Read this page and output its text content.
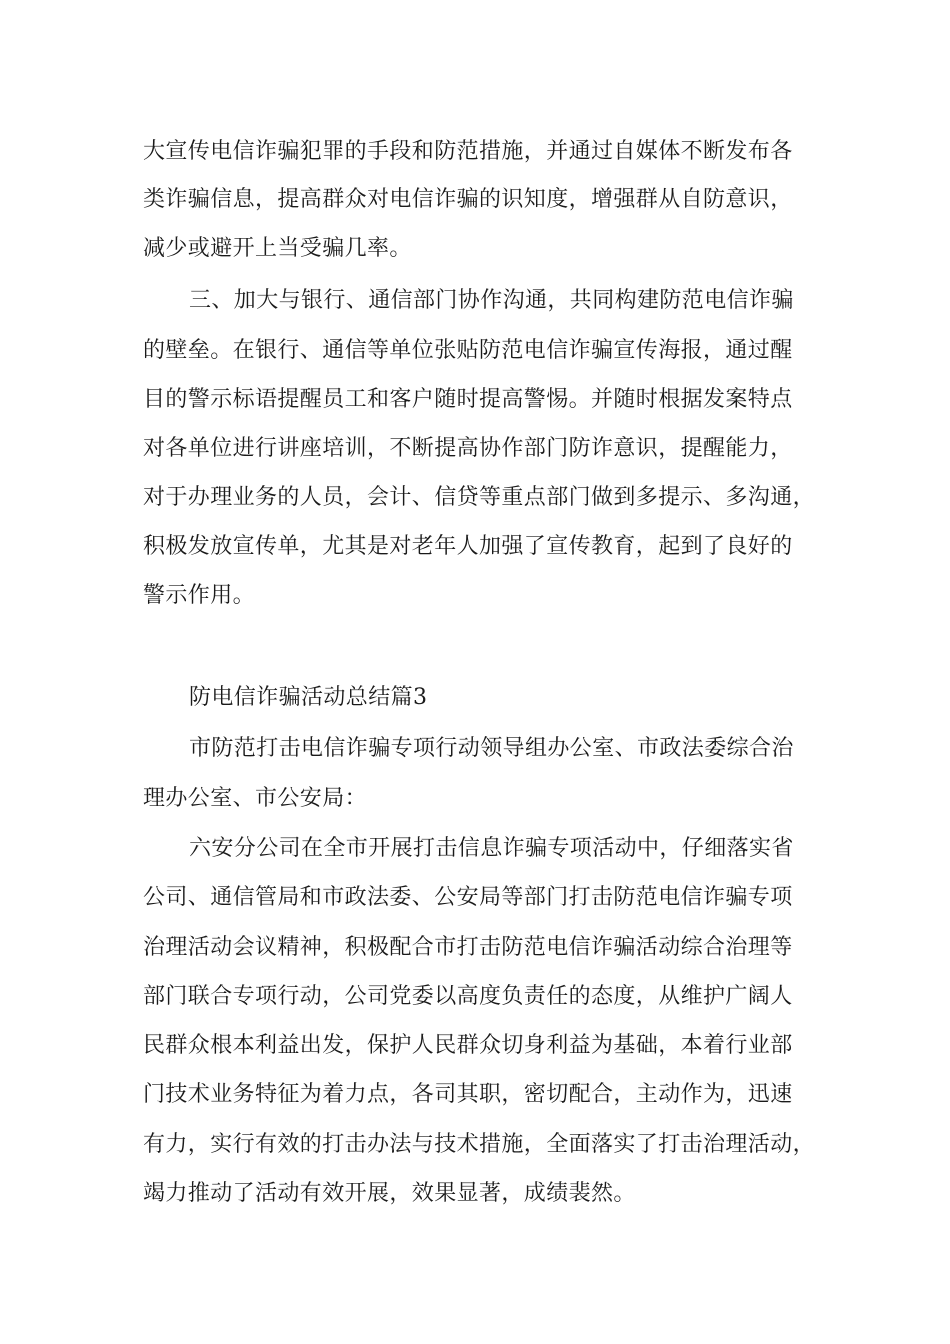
大宣传电信诈骗犯罪的手段和防范措施，并通过自媒体不断发布各
类诈骗信息，提高群众对电信诈骗的识知度，增强群从自防意识，
减少或避开上当受骗几率。
三、加大与银行、通信部门协作沟通，共同构建防范电信诈骗
的壁垒。在银行、通信等单位张贴防范电信诈骗宣传海报，通过醒
目的警示标语提醒员工和客户随时提高警惕。并随时根据发案特点
对各单位进行讲座培训，不断提高协作部门防诈意识，提醒能力，
对于办理业务的人员，会计、信贷等重点部门做到多提示、多沟通，
积极发放宣传单，尤其是对老年人加强了宣传教育，起到了良好的
警示作用。
防电信诈骗活动总结篇3
市防范打击电信诈骗专项行动领导组办公室、市政法委综合治
理办公室、市公安局：
六安分公司在全市开展打击信息诈骗专项活动中，仔细落实省
公司、通信管局和市政法委、公安局等部门打击防范电信诈骗专项
治理活动会议精神，积极配合市打击防范电信诈骗活动综合治理等
部门联合专项行动，公司党委以高度负责任的态度，从维护广阔人
民群众根本利益出发，保护人民群众切身利益为基础，本着行业部
门技术业务特征为着力点，各司其职，密切配合，主动作为，迅速
有力，实行有效的打击办法与技术措施，全面落实了打击治理活动，
竭力推动了活动有效开展，效果显著，成绩裴然。
